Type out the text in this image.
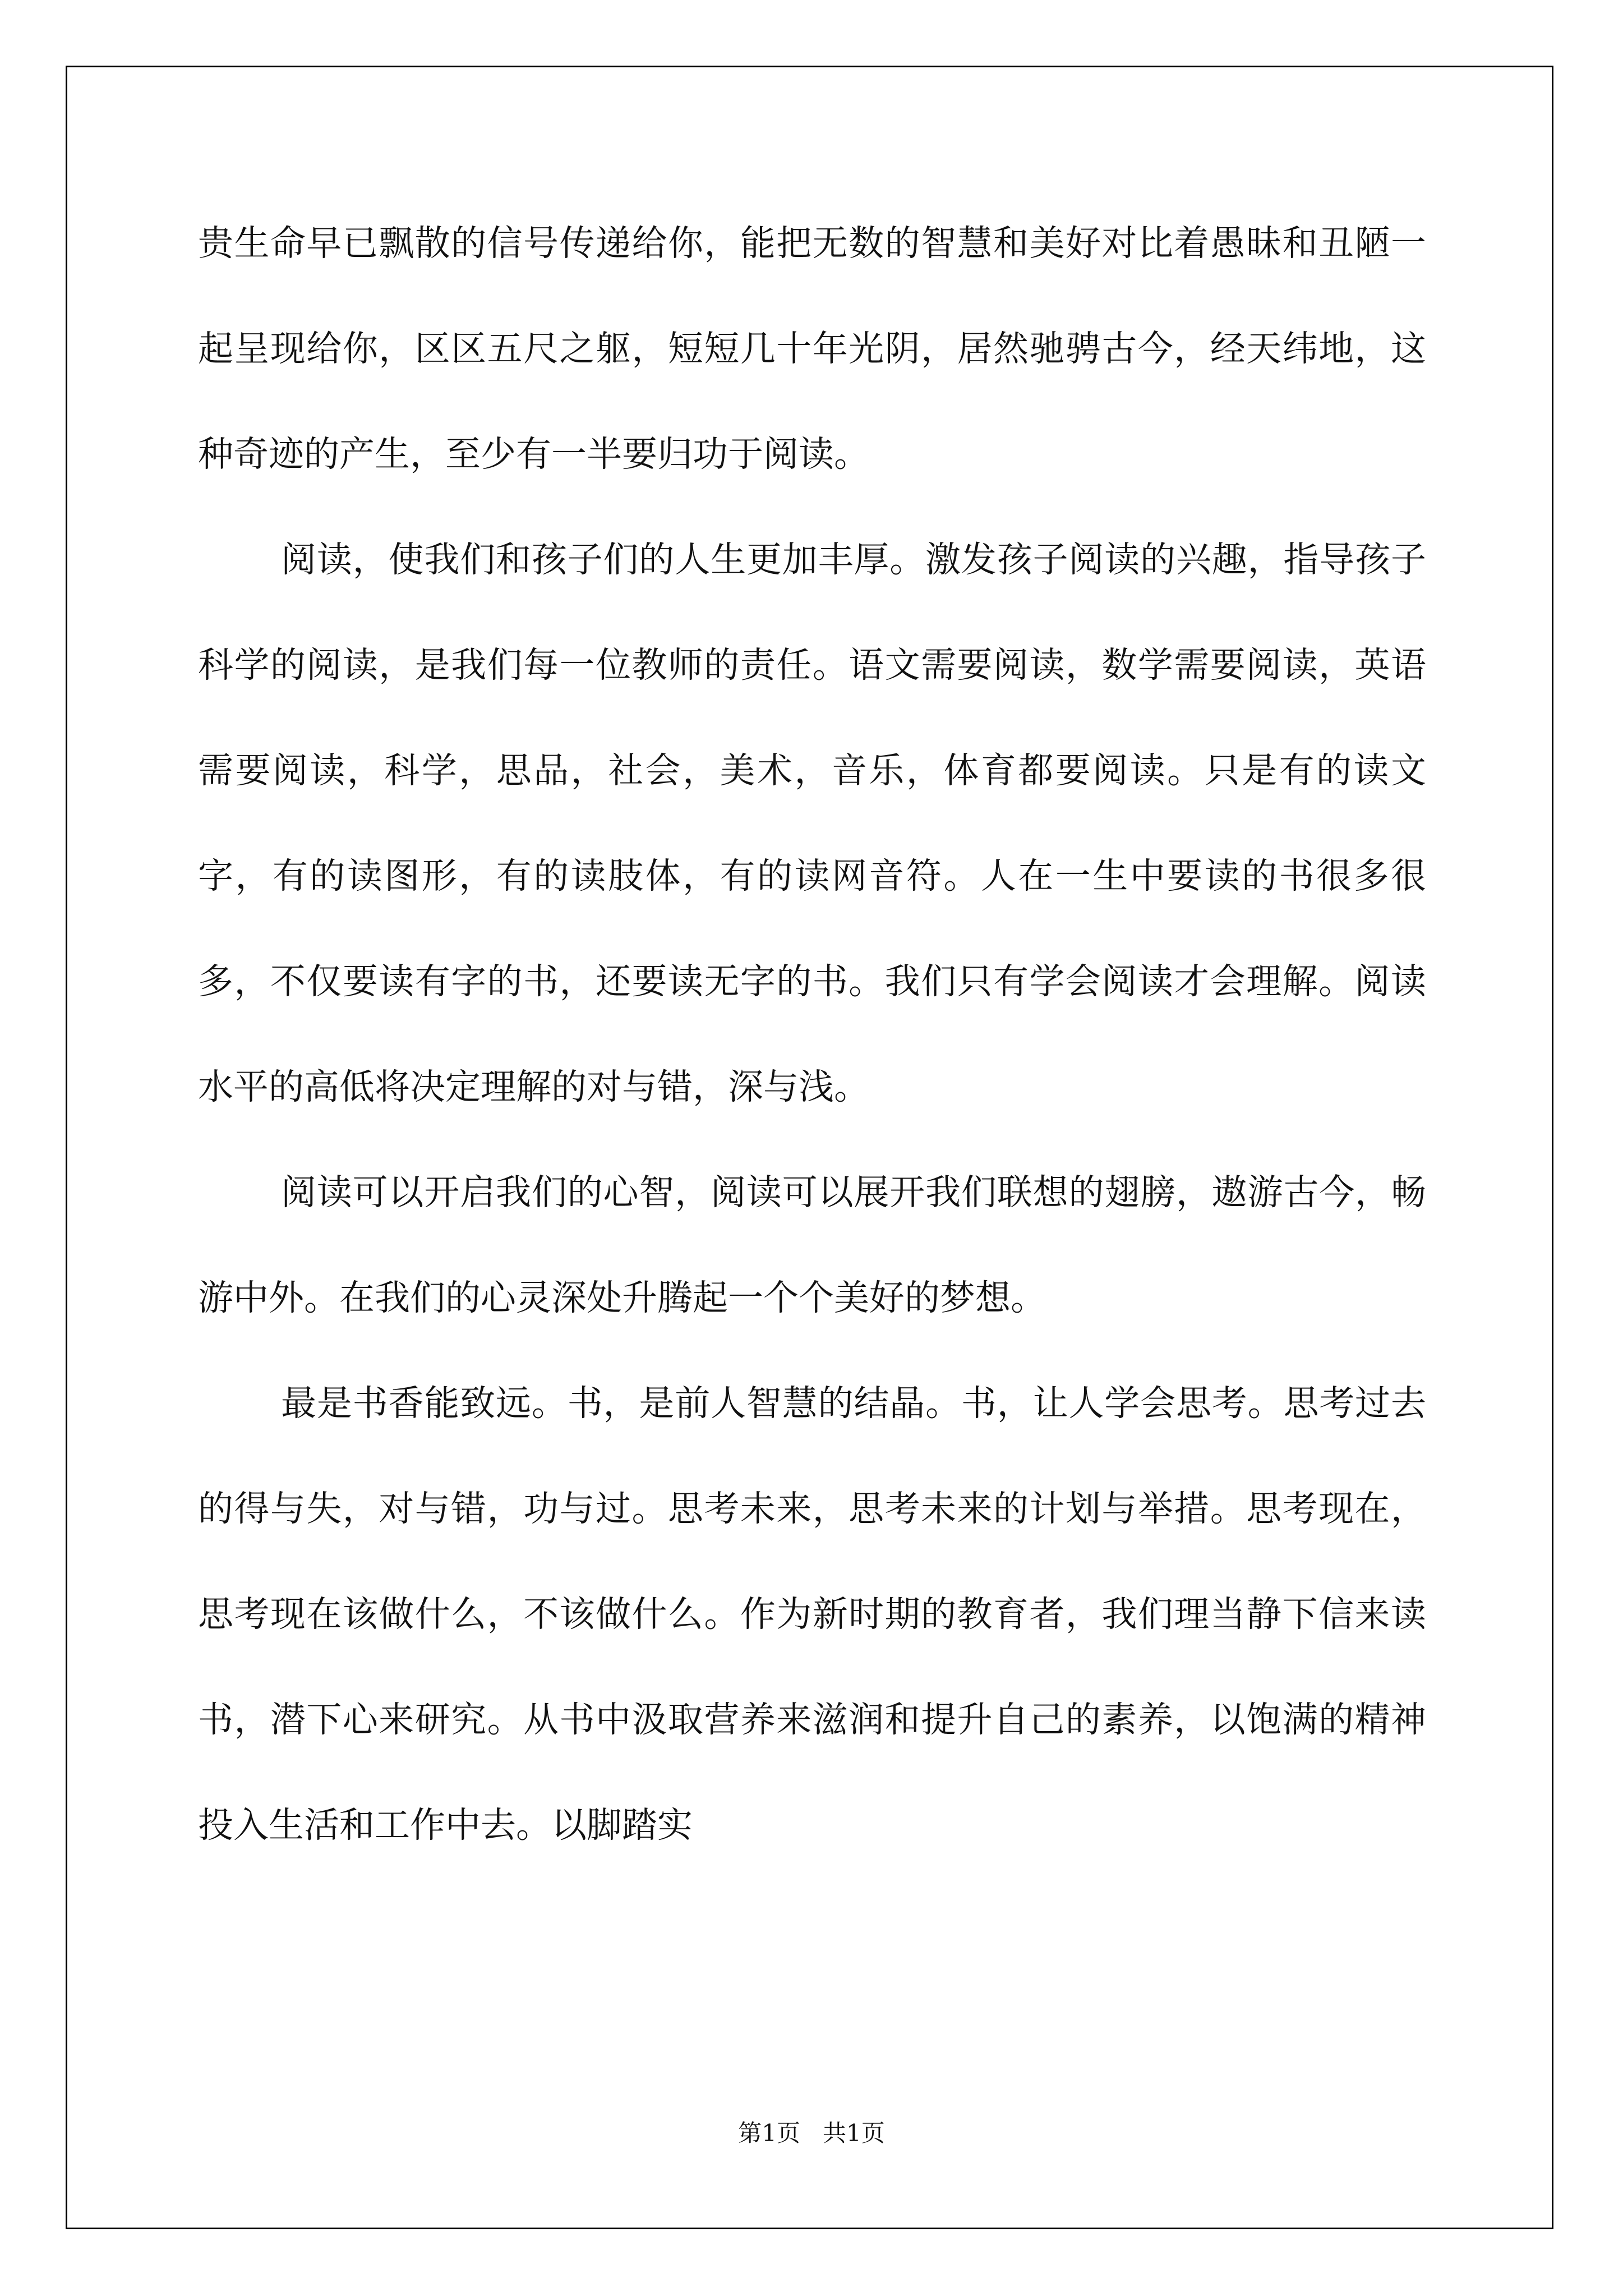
贵生命早已飘散的信号传递给你，能把无数的智慧和美好对比着愚昧和丑陋一起呈现给你，区区五尺之躯，短短几十年光阴，居然驰骋古今，经天纬地，这种奇迹的产生，至少有一半要归功于阅读。

阅读，使我们和孩子们的人生更加丰厚。激发孩子阅读的兴趣，指导孩子科学的阅读，是我们每一位教师的责任。语文需要阅读，数学需要阅读，英语需要阅读，科学，思品，社会，美术，音乐，体育都要阅读。只是有的读文字，有的读图形，有的读肢体，有的读网音符。人在一生中要读的书很多很多，不仅要读有字的书，还要读无字的书。我们只有学会阅读才会理解。阅读水平的高低将决定理解的对与错，深与浅。

阅读可以开启我们的心智，阅读可以展开我们联想的翅膀，遨游古今，畅游中外。在我们的心灵深处升腾起一个个美好的梦想。

最是书香能致远。书，是前人智慧的结晶。书，让人学会思考。思考过去的得与失，对与错，功与过。思考未来，思考未来的计划与举措。思考现在，思考现在该做什么，不该做什么。作为新时期的教育者，我们理当静下信来读书，潜下心来研究。从书中汲取营养来滋润和提升自己的素养，以饱满的精神投入生活和工作中去。以脚踏实

第1页   共1页
